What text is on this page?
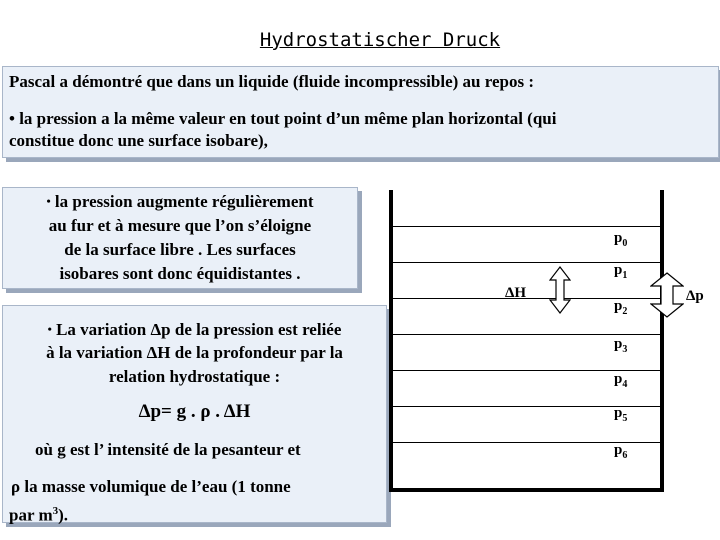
Hydrostatischer Druck
Pascal a démontré que dans un liquide (fluide incompressible) au repos :
• la pression a la même valeur en tout point d’un même plan horizontal (qui
constitue donc une surface isobare),
• la pression augmente régulièrement
au fur et à mesure que l’on s’éloigne
de la surface libre . Les surfaces
isobares sont donc équidistantes .
• La variation Δp de la pression est reliée
à la variation ΔH de la profondeur par la
relation hydrostatique :
Δp= g . ρ . ΔH
où g est l’ intensité de la pesanteur et
ρ la masse volumique de l’eau (1 tonne
par $m^3$).
$p_0$
$p_1$
$p_2$
$p_3$
$p_4$
$p_5$
$p_6$
ΔH	Δp
